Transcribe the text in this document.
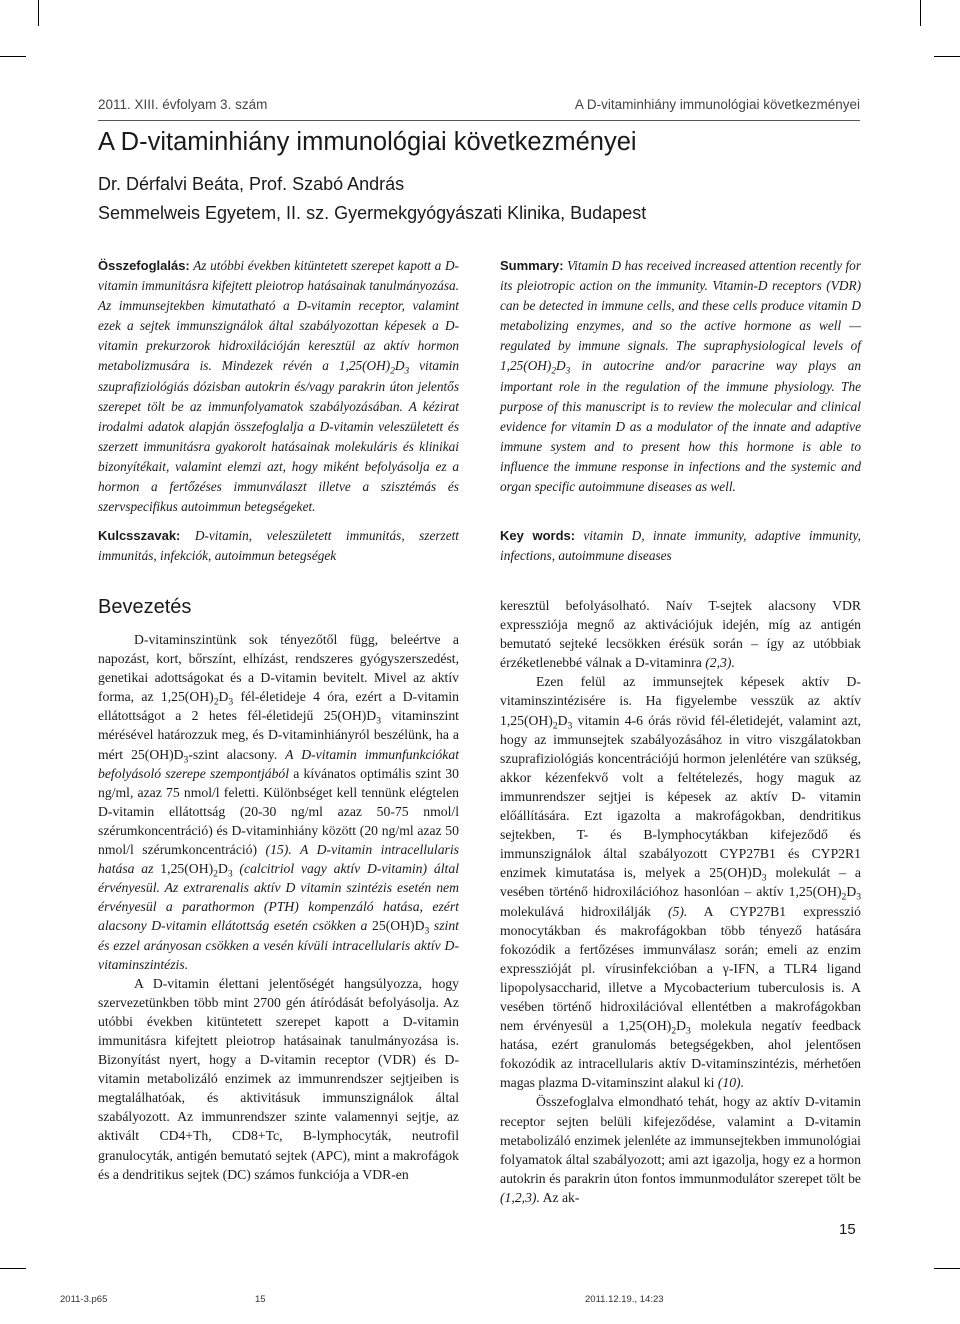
2011. XIII. évfolyam 3. szám	A D-vitaminhiány immunológiai következményei
A D-vitaminhiány immunológiai következményei
Dr. Dérfalvi Beáta, Prof. Szabó András
Semmelweis Egyetem, II. sz. Gyermekgyógyászati Klinika, Budapest
Összefoglalás: Az utóbbi években kitüntetett szerepet kapott a D-vitamin immunitásra kifejtett pleiotrop hatásainak tanulmányozása. Az immunsejtekben kimutatható a D-vitamin receptor, valamint ezek a sejtek immunszignálok által szabályozottan képesek a D-vitamin prekurzorok hidroxilációján keresztül az aktív hormon metabolizmusára is. Mindezek révén a $1,25(OH)_2D_3$ vitamin szuprafiziológiás dózisban autokrin és/vagy parakrin úton jelentős szerepet tölt be az immunfolyamatok szabályozásában. A kézirat irodalmi adatok alapján összefoglalja a D-vitamin veleszületett és szerzett immunitásra gyakorolt hatásainak molekuláris és klinikai bizonyítékait, valamint elemzi azt, hogy miként befolyásolja ez a hormon a fertőzéses immunválaszt illetve a szisztémás és szervspecifikus autoimmun betegségeket.
Kulcsszavak: D-vitamin, veleszületett immunitás, szerzett immunitás, infekciók, autoimmun betegségek
Summary: Vitamin D has received increased attention recently for its pleiotropic action on the immunity. Vitamin-D receptors (VDR) can be detected in immune cells, and these cells produce vitamin D metabolizing enzymes, and so the active hormone as well — regulated by immune signals. The supraphysiological levels of $1,25(OH)_2D_3$ in autocrine and/or paracrine way plays an important role in the regulation of the immune physiology. The purpose of this manuscript is to review the molecular and clinical evidence for vitamin D as a modulator of the innate and adaptive immune system and to present how this hormone is able to influence the immune response in infections and the systemic and organ specific autoimmune diseases as well.
Key words: vitamin D, innate immunity, adaptive immunity, infections, autoimmune diseases
Bevezetés

D-vitaminszintünk sok tényezőtől függ, beleértve a napozást, kort, bőrszínt, elhízást, rendszeres gyógyszerszedést, genetikai adottságokat és a D-vitamin bevitelt. Mivel az aktív forma, az $1,25(OH)_2D_3$ fél-életideje 4 óra, ezért a D-vitamin ellátottságot a 2 hetes fél-életidejű $25(OH)D_3$ vitaminszint mérésével határozzuk meg, és D-vitaminhiányról beszélünk, ha a mért $25(OH)D_3$-szint alacsony. A D-vitamin immunfunkciókat befolyásoló szerepe szempontjából a kívánatos optimális szint 30 ng/ml, azaz 75 nmol/l feletti. Különbséget kell tennünk elégtelen D-vitamin ellátottság (20-30 ng/ml azaz 50-75 nmol/l szérumkoncentráció) és D-vitaminhiány között (20 ng/ml azaz 50 nmol/l szérumkoncentráció) (15). A D-vitamin intracellularis hatása az $1,25(OH)_2D_3$ (calcitriol vagy aktív D-vitamin) által érvényesül. Az extrarenalis aktív D vitamin szintézis esetén nem érvényesül a parathormon (PTH) kompenzáló hatása, ezért alacsony D-vitamin ellátottság esetén csökken a $25(OH)D_3$ szint és ezzel arányosan csökken a vesén kívüli intracellularis aktív D-vitaminszintézis.

A D-vitamin élettani jelentőségét hangsúlyozza, hogy szervezetünkben több mint 2700 gén átíródását befolyásolja. Az utóbbi években kitüntetett szerepet kapott a D-vitamin immunitásra kifejtett pleiotrop hatásainak tanulmányozása is. Bizonyítást nyert, hogy a D-vitamin receptor (VDR) és D-vitamin metabolizáló enzimek az immunrendszer sejtjeiben is megtalálhatóak, és aktivitásuk immunszignálok által szabályozott. Az immunrendszer szinte valamennyi sejtje, az aktivált CD4+Th, CD8+Tc, B-lymphocyták, neutrofil granulocyták, antigén bemutató sejtek (APC), mint a makrofágok és a dendritikus sejtek (DC) számos funkciója a VDR-en

keresztül befolyásolható. Naív T-sejtek alacsony VDR expressziója megnő az aktivációjuk idején, míg az antigén bemutató sejteké lecsökken érésük során – így az utóbbiak érzéketlenebbé válnak a D-vitaminra (2,3).

Ezen felül az immunsejtek képesek aktív D-vitaminszintézisére is. Ha figyelembe vesszük az aktív $1,25(OH)_2D_3$ vitamin 4-6 órás rövid fél-életidejét, valamint azt, hogy az immunsejtek szabályozásához in vitro viszgálatokban szuprafiziológiás koncentrációjú hormon jelenlétére van szükség, akkor kézenfekvő volt a feltételezés, hogy maguk az immunrendszer sejtjei is képesek az aktív D- vitamin előállítására. Ezt igazolta a makrofágokban, dendritikus sejtekben, T- és B-lymphocytákban kifejeződő és immunszignálok által szabályozott CYP27B1 és CYP2R1 enzimek kimutatása is, melyek a $25(OH)D_3$ molekulát – a vesében történő hidroxilációhoz hasonlóan – aktív $1,25(OH)_2D_3$ molekulává hidroxilálják (5). A CYP27B1 expresszió monocytákban és makrofágokban több tényező hatására fokozódik a fertőzéses immunválasz során; emeli az enzim expresszióját pl. vírusinfekcióban a γ-IFN, a TLR4 ligand lipopolysaccharid, illetve a Mycobacterium tuberculosis is. A vesében történő hidroxilációval ellentétben a makrofágokban nem érvényesül a $1,25(OH)_2D_3$ molekula negatív feedback hatása, ezért granulomás betegségekben, ahol jelentősen fokozódik az intracellularis aktív D-vitaminszintézis, mérhetően magas plazma D-vitaminszint alakul ki (10).

Összefoglalva elmondható tehát, hogy az aktív D-vitamin receptor sejten belüli kifejeződése, valamint a D-vitamin metabolizáló enzimek jelenléte az immunsejtekben immunológiai folyamatok által szabályozott; ami azt igazolja, hogy ez a hormon autokrin és parakrin úton fontos immunmodulátor szerepet tölt be (1,2,3). Az ak-

15
2011-3.p65	15	2011.12.19., 14:23
